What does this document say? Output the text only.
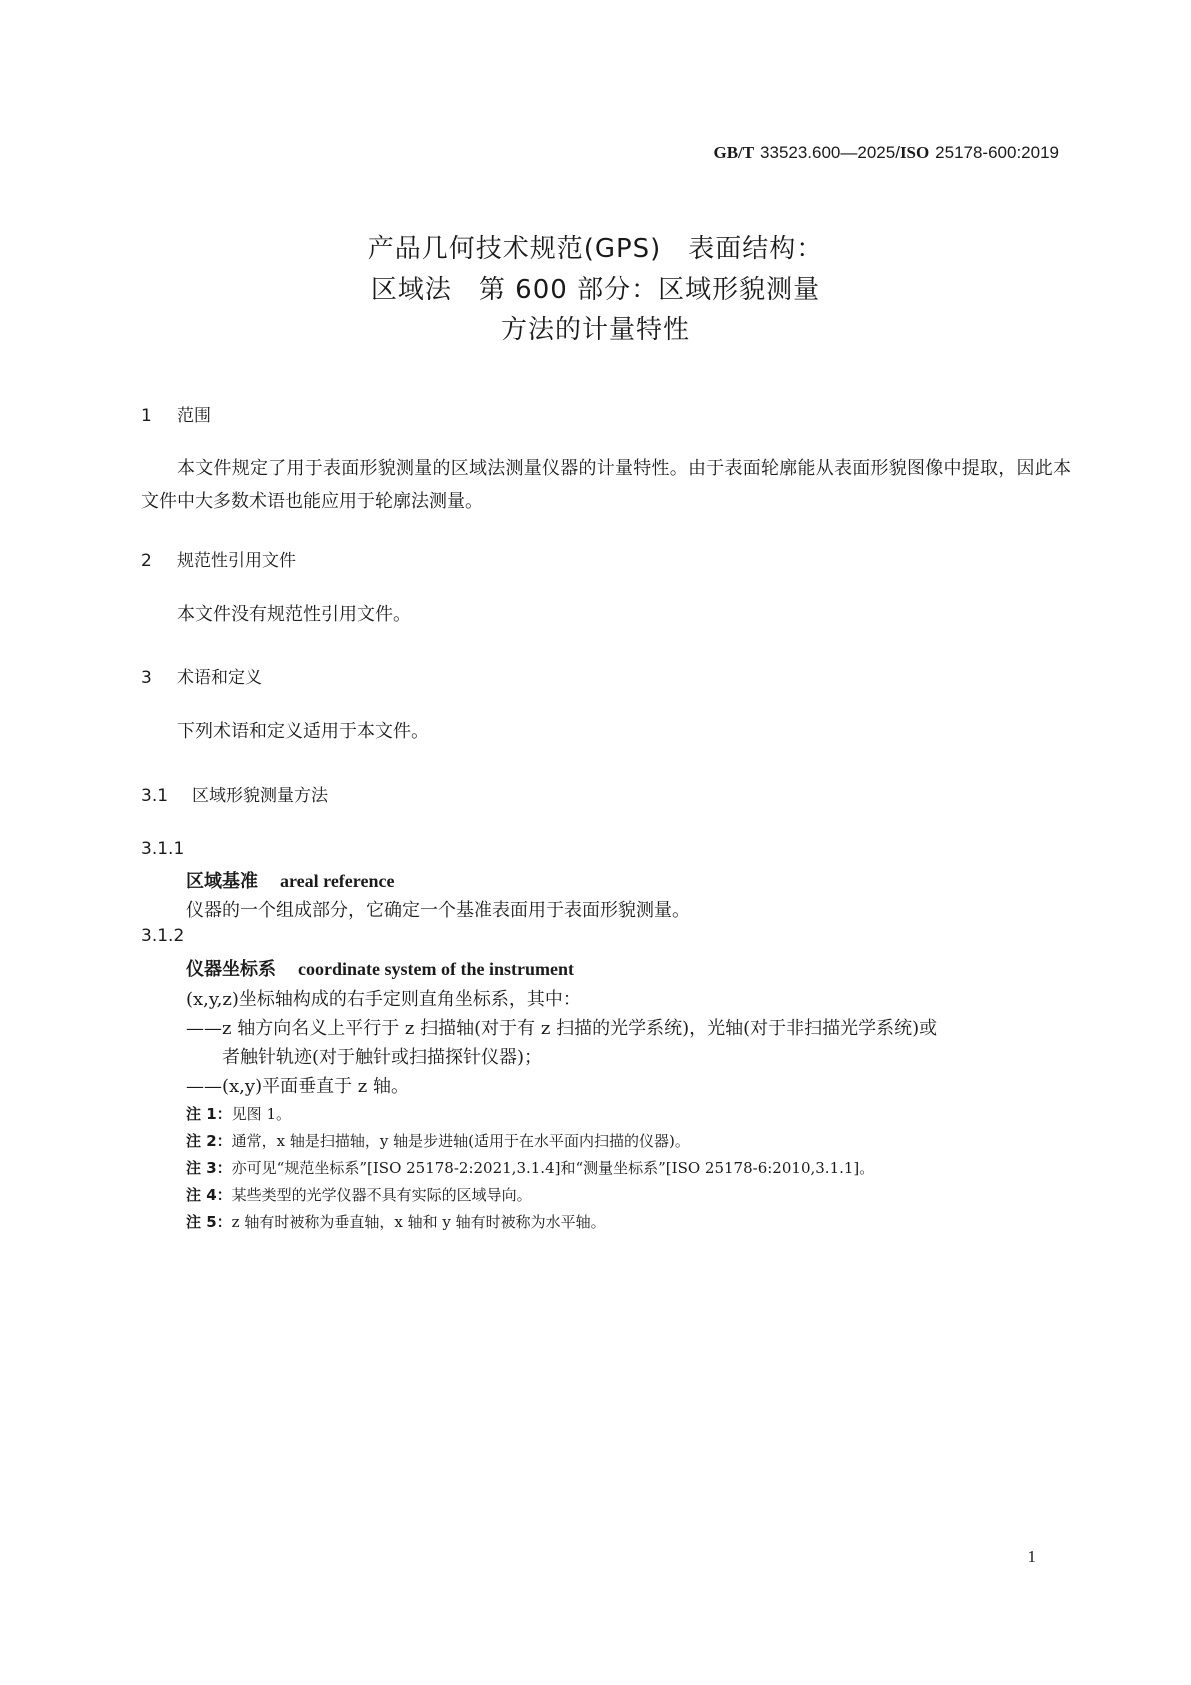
GB/T 33523.600—2025/ISO 25178-600:2019
产品几何技术规范(GPS)　表面结构：
区域法　第 600 部分：区域形貌测量
方法的计量特性
1 范围
本文件规定了用于表面形貌测量的区域法测量仪器的计量特性。由于表面轮廓能从表面形貌图像中提取，因此本文件中大多数术语也能应用于轮廓法测量。
2 规范性引用文件
本文件没有规范性引用文件。
3 术语和定义
下列术语和定义适用于本文件。
3.1 区域形貌测量方法
3.1.1
区域基准 areal reference
仪器的一个组成部分，它确定一个基准表面用于表面形貌测量。
3.1.2
仪器坐标系 coordinate system of the instrument
(x,y,z)坐标轴构成的右手定则直角坐标系，其中：
——z 轴方向名义上平行于 z 扫描轴(对于有 z 扫描的光学系统)，光轴(对于非扫描光学系统)或
者触针轨迹(对于触针或扫描探针仪器)；
——(x,y)平面垂直于 z 轴。
注 1：见图 1。
注 2：通常，x 轴是扫描轴，y 轴是步进轴(适用于在水平面内扫描的仪器)。
注 3：亦可见“规范坐标系”[ISO 25178-2:2021,3.1.4]和“测量坐标系”[ISO 25178-6:2010,3.1.1]。
注 4：某些类型的光学仪器不具有实际的区域导向。
注 5：z 轴有时被称为垂直轴，x 轴和 y 轴有时被称为水平轴。
1
